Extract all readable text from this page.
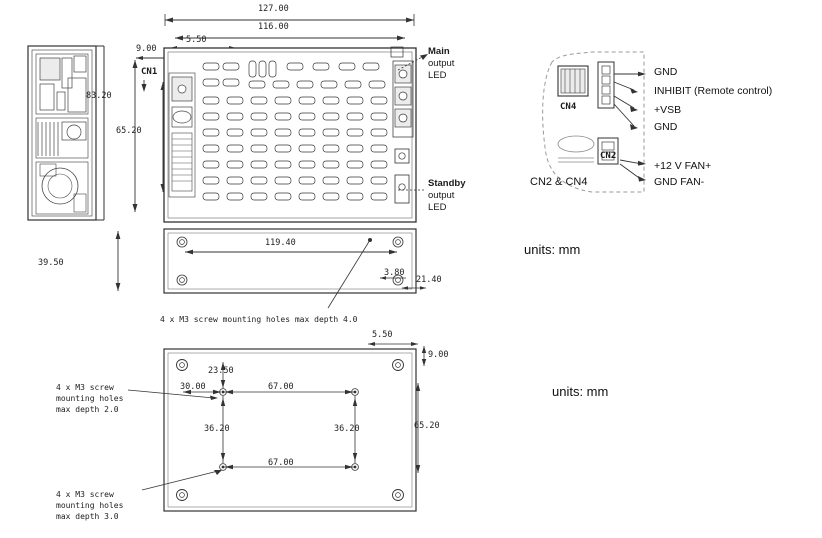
127.00
116.00
5.50
9.00
CN1
83.20
65.20
Main
output
LED
Standby
output
LED
119.40
39.50
3.80
21.40
4 x M3 screw mounting holes max depth 4.0
23.50
30.00	67.00
36.20	36.20
67.00
5.50
9.00
65.20
4 x M3 screw
mounting holes
max depth 2.0
4 x M3 screw
mounting holes
max depth 3.0
CN4
CN2
CN2 & CN4
GND
INHIBIT (Remote control)
+VSB
GND
+12 V FAN+
GND FAN-
units: mm
units: mm
